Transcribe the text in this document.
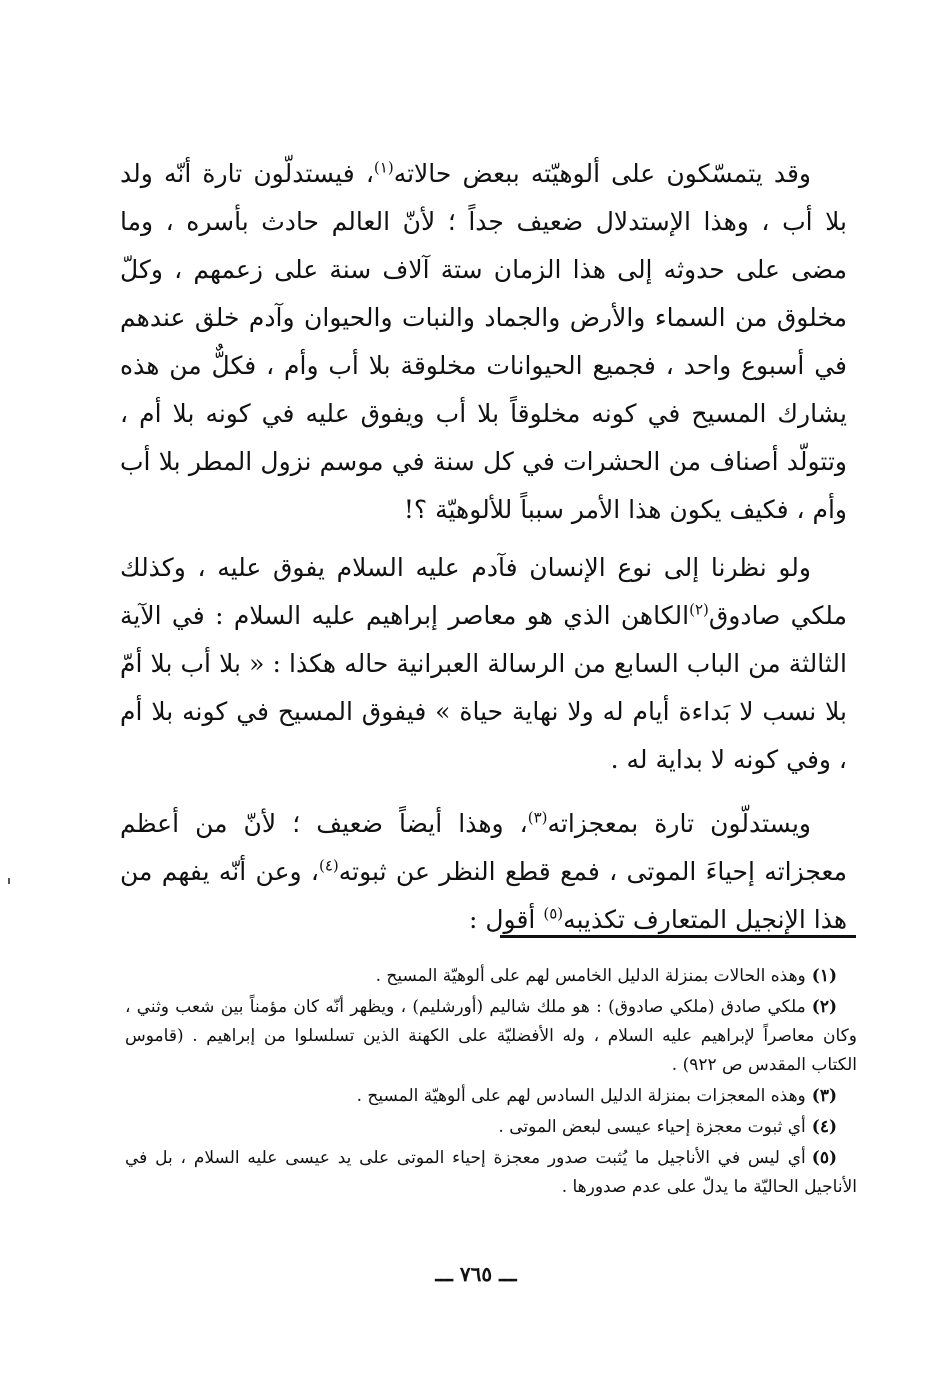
وقد يتمسّكون على ألوهيّته ببعض حالاته$^{(١)}$، فيستدلّون تارة أنّه ولد بلا أب ، وهذا الإستدلال ضعيف جداً ؛ لأنّ العالم حادث بأسره ، وما مضى على حدوثه إلى هذا الزمان ستة آلاف سنة على زعمهم ، وكلّ مخلوق من السماء والأرض والجماد والنبات والحيوان وآدم خلق عندهم في أسبوع واحد ، فجميع الحيوانات مخلوقة بلا أب وأم ، فكلٌّ من هذه يشارك المسيح في كونه مخلوقاً بلا أب ويفوق عليه في كونه بلا أم ، وتتولّد أصناف من الحشرات في كل سنة في موسم نزول المطر بلا أب وأم ، فكيف يكون هذا الأمر سبباً للألوهيّة ؟!

ولو نظرنا إلى نوع الإنسان فآدم عليه السلام يفوق عليه ، وكذلك ملكي صادوق$^{(٢)}$الكاهن الذي هو معاصر إبراهيم عليه السلام : في الآية الثالثة من الباب السابع من الرسالة العبرانية حاله هكذا : « بلا أب بلا أمّ بلا نسب لا بَداءة أيام له ولا نهاية حياة » فيفوق المسيح في كونه بلا أم ، وفي كونه لا بداية له .

ويستدلّون تارة بمعجزاته$^{(٣)}$، وهذا أيضاً ضعيف ؛ لأنّ من أعظم معجزاته إحياءَ الموتى ، فمع قطع النظر عن ثبوته$^{(٤)}$، وعن أنّه يفهم من هذا الإنجيل المتعارف تكذيبه$^{(٥)}$ أقول :

(١)وهذه الحالات بمنزلة الدليل الخامس لهم على ألوهيّة المسيح .

(٢)ملكي صادق (ملكي صادوق) : هو ملك شاليم (أورشليم) ، ويظهر أنّه كان مؤمناً بين شعب وثني ، وكان معاصراً لإبراهيم عليه السلام ، وله الأفضليّة على الكهنة الذين تسلسلوا من إبراهيم . (قاموس الكتاب المقدس ص ٩٢٢) .

(٣)وهذه المعجزات بمنزلة الدليل السادس لهم على ألوهيّة المسيح .

(٤)أي ثبوت معجزة إحياء عيسى لبعض الموتى .

(٥)أي ليس في الأناجيل ما يُثبت صدور معجزة إحياء الموتى على يد عيسى عليه السلام ، بل في الأناجيل الحاليّة ما يدلّ على عدم صدورها .

ـــ ٧٦٥ ـــ
